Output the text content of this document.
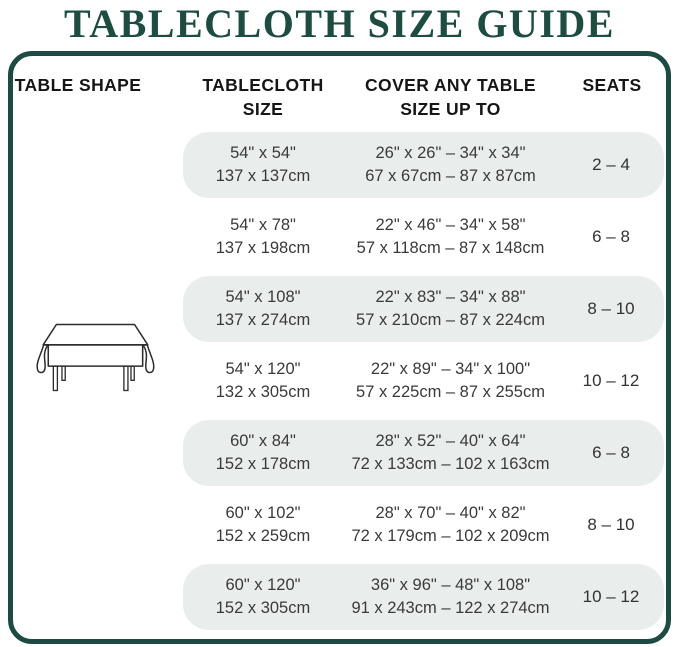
TABLECLOTH SIZE GUIDE
TABLE SHAPE	TABLECLOTH
SIZE
COVER ANY TABLE
SIZE UP TO
SEATS
54" x 54"
137 x 137cm
26" x 26" – 34" x 34"
67 x 67cm – 87 x 87cm
2 – 4
54" x 78"
137 x 198cm
22" x 46" – 34" x 58"
57 x 118cm – 87 x 148cm
6 – 8
54" x 108"
137 x 274cm
22" x 83" – 34" x 88"
57 x 210cm – 87 x 224cm
8 – 10
54" x 120"
132 x 305cm
22" x 89" – 34" x 100"
57 x 225cm – 87 x 255cm
10 – 12
60" x 84"
152 x 178cm
28" x 52" – 40" x 64"
72 x 133cm – 102 x 163cm
6 – 8
60" x 102"
152 x 259cm
28" x 70" – 40" x 82"
72 x 179cm – 102 x 209cm
8 – 10
60" x 120"
152 x 305cm
36" x 96" – 48" x 108"
91 x 243cm – 122 x 274cm
10 – 12
